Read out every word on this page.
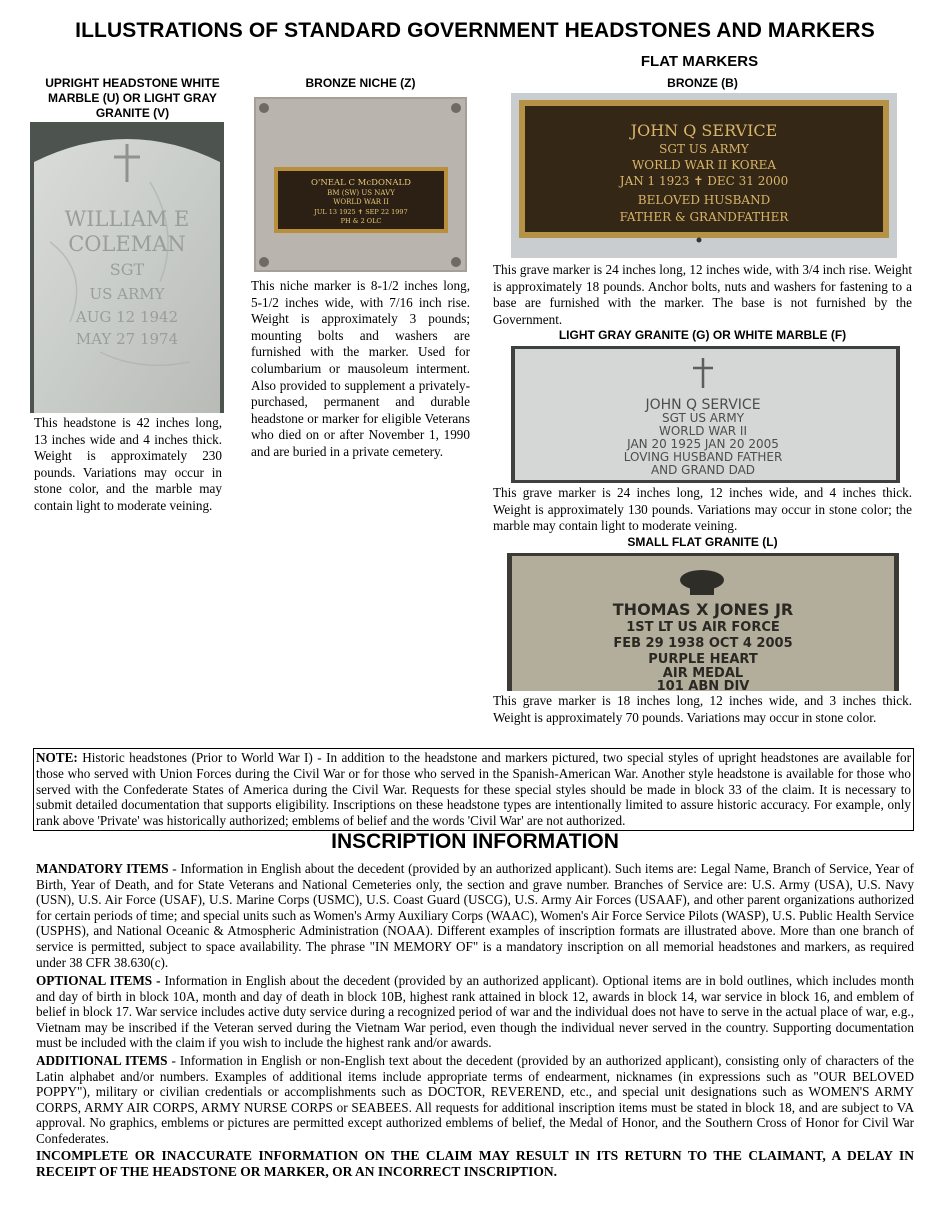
ILLUSTRATIONS OF STANDARD GOVERNMENT HEADSTONES AND MARKERS
UPRIGHT HEADSTONE WHITE MARBLE (U) OR LIGHT GRAY GRANITE (V)
WILLIAM E
COLEMAN
SGT
US ARMY
AUG 12 1942
MAY 27 1974
This headstone is 42 inches long, 13 inches wide and 4 inches thick. Weight is approximately 230 pounds. Variations may occur in stone color, and the marble may contain light to moderate veining.
BRONZE NICHE (Z)
O'NEAL C McDONALD
BM (SW) US NAVY
WORLD WAR II
JUL 13 1925 ✝ SEP 22 1997
PH & 2 OLC
This niche marker is 8-1/2 inches long, 5-1/2 inches wide, with 7/16 inch rise. Weight is approximately 3 pounds; mounting bolts and washers are furnished with the marker. Used for columbarium or mausoleum interment. Also provided to supplement a privately-purchased, permanent and durable headstone or marker for eligible Veterans who died on or after November 1, 1990 and are buried in a private cemetery.
FLAT MARKERS
BRONZE (B)
JOHN Q SERVICE
SGT US ARMY
WORLD WAR II KOREA
JAN 1 1923 ✝ DEC 31 2000
BELOVED HUSBAND
FATHER & GRANDFATHER
This grave marker is 24 inches long, 12 inches wide, with 3/4 inch rise. Weight is approximately 18 pounds. Anchor bolts, nuts and washers for fastening to a base are furnished with the marker. The base is not furnished by the Government.
LIGHT GRAY GRANITE (G) OR WHITE MARBLE (F)
JOHN Q SERVICE
SGT US ARMY
WORLD WAR II
JAN 20 1925 JAN 20 2005
LOVING HUSBAND FATHER
AND GRAND DAD
This grave marker is 24 inches long, 12 inches wide, and 4 inches thick. Weight is approximately 130 pounds. Variations may occur in stone color; the marble may contain light to moderate veining.
SMALL FLAT GRANITE (L)
THOMAS X JONES JR
1ST LT US AIR FORCE
FEB 29 1938 OCT 4 2005
PURPLE HEART
AIR MEDAL
101 ABN DIV
This grave marker is 18 inches long, 12 inches wide, and 3 inches thick. Weight is approximately 70 pounds. Variations may occur in stone color.
NOTE: Historic headstones (Prior to World War I) - In addition to the headstone and markers pictured, two special styles of upright headstones are available for those who served with Union Forces during the Civil War or for those who served in the Spanish-American War. Another style headstone is available for those who served with the Confederate States of America during the Civil War. Requests for these special styles should be made in block 33 of the claim. It is necessary to submit detailed documentation that supports eligibility. Inscriptions on these headstone types are intentionally limited to assure historic accuracy. For example, only rank above 'Private' was historically authorized; emblems of belief and the words 'Civil War' are not authorized.
INSCRIPTION INFORMATION
MANDATORY ITEMS - Information in English about the decedent (provided by an authorized applicant). Such items are: Legal Name, Branch of Service, Year of Birth, Year of Death, and for State Veterans and National Cemeteries only, the section and grave number. Branches of Service are: U.S. Army (USA), U.S. Navy (USN), U.S. Air Force (USAF), U.S. Marine Corps (USMC), U.S. Coast Guard (USCG), U.S. Army Air Forces (USAAF), and other parent organizations authorized for certain periods of time; and special units such as Women's Army Auxiliary Corps (WAAC), Women's Air Force Service Pilots (WASP), U.S. Public Health Service (USPHS), and National Oceanic & Atmospheric Administration (NOAA). Different examples of inscription formats are illustrated above. More than one branch of service is permitted, subject to space availability. The phrase "IN MEMORY OF" is a mandatory inscription on all memorial headstones and markers, as required under 38 CFR 38.630(c).
OPTIONAL ITEMS - Information in English about the decedent (provided by an authorized applicant). Optional items are in bold outlines, which includes month and day of birth in block 10A, month and day of death in block 10B, highest rank attained in block 12, awards in block 14, war service in block 16, and emblem of belief in block 17. War service includes active duty service during a recognized period of war and the individual does not have to serve in the actual place of war, e.g., Vietnam may be inscribed if the Veteran served during the Vietnam War period, even though the individual never served in the country. Supporting documentation must be included with the claim if you wish to include the highest rank and/or awards.
ADDITIONAL ITEMS - Information in English or non-English text about the decedent (provided by an authorized applicant), consisting only of characters of the Latin alphabet and/or numbers. Examples of additional items include appropriate terms of endearment, nicknames (in expressions such as "OUR BELOVED POPPY"), military or civilian credentials or accomplishments such as DOCTOR, REVEREND, etc., and special unit designations such as WOMEN'S ARMY CORPS, ARMY AIR CORPS, ARMY NURSE CORPS or SEABEES. All requests for additional inscription items must be stated in block 18, and are subject to VA approval. No graphics, emblems or pictures are permitted except authorized emblems of belief, the Medal of Honor, and the Southern Cross of Honor for Civil War Confederates.
INCOMPLETE OR INACCURATE INFORMATION ON THE CLAIM MAY RESULT IN ITS RETURN TO THE CLAIMANT, A DELAY IN RECEIPT OF THE HEADSTONE OR MARKER, OR AN INCORRECT INSCRIPTION.
